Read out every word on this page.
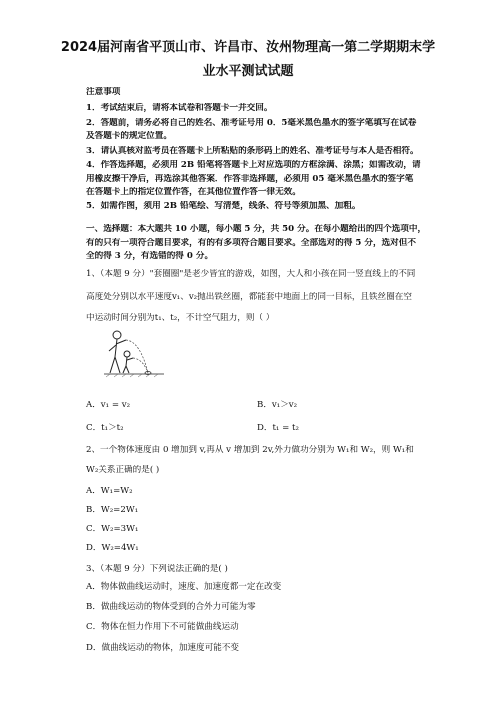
2024届河南省平顶山市、许昌市、汝州物理高一第二学期期末学
业水平测试试题
注意事项
1．考试结束后，请将本试卷和答题卡一并交回。
2．答题前，请务必将自己的姓名、准考证号用 0．5毫米黑色墨水的签字笔填写在试卷
及答题卡的规定位置。
3．请认真核对监考员在答题卡上所粘贴的条形码上的姓名、准考证号与本人是否相符。
4．作答选择题，必须用 2B 铅笔将答题卡上对应选项的方框涂满、涂黑；如需改动，请
用橡皮擦干净后，再选涂其他答案．作答非选择题，必须用 05 毫米黑色墨水的签字笔
在答题卡上的指定位置作答，在其他位置作答一律无效。
5．如需作图，须用 2B 铅笔绘、写清楚，线条、符号等须加黑、加粗。
一、选择题：本大题共 10 小题，每小题 5 分，共 50 分。在每小题给出的四个选项中，
有的只有一项符合题目要求，有的有多项符合题目要求。全部选对的得 5 分，选对但不
全的得 3 分，有选错的得 0 分。
1、（本题 9 分）"套圈圈"是老少皆宜的游戏，如图，大人和小孩在同一竖直线上的不同
高度处分别以水平速度v₁、v₂抛出铁丝圈，都能套中地面上的同一目标，且铁丝圈在空
中运动时间分别为t₁、t₂，不计空气阻力，则（ ）
A．v₁ = v₂	B．v₁＞v₂
C．t₁＞t₂	D．t₁ = t₂
2、一个物体速度由 0 增加到 v,再从 v 增加到 2v,外力做功分别为 W₁和 W₂，则 W₁和
W₂关系正确的是( )
A．W₁=W₂
B．W₂=2W₁
C．W₂=3W₁
D．W₂=4W₁
3、（本题 9 分）下列说法正确的是( )
A．物体做曲线运动时，速度、加速度都一定在改变
B．做曲线运动的物体受到的合外力可能为零
C．物体在恒力作用下不可能做曲线运动
D．做曲线运动的物体，加速度可能不变
